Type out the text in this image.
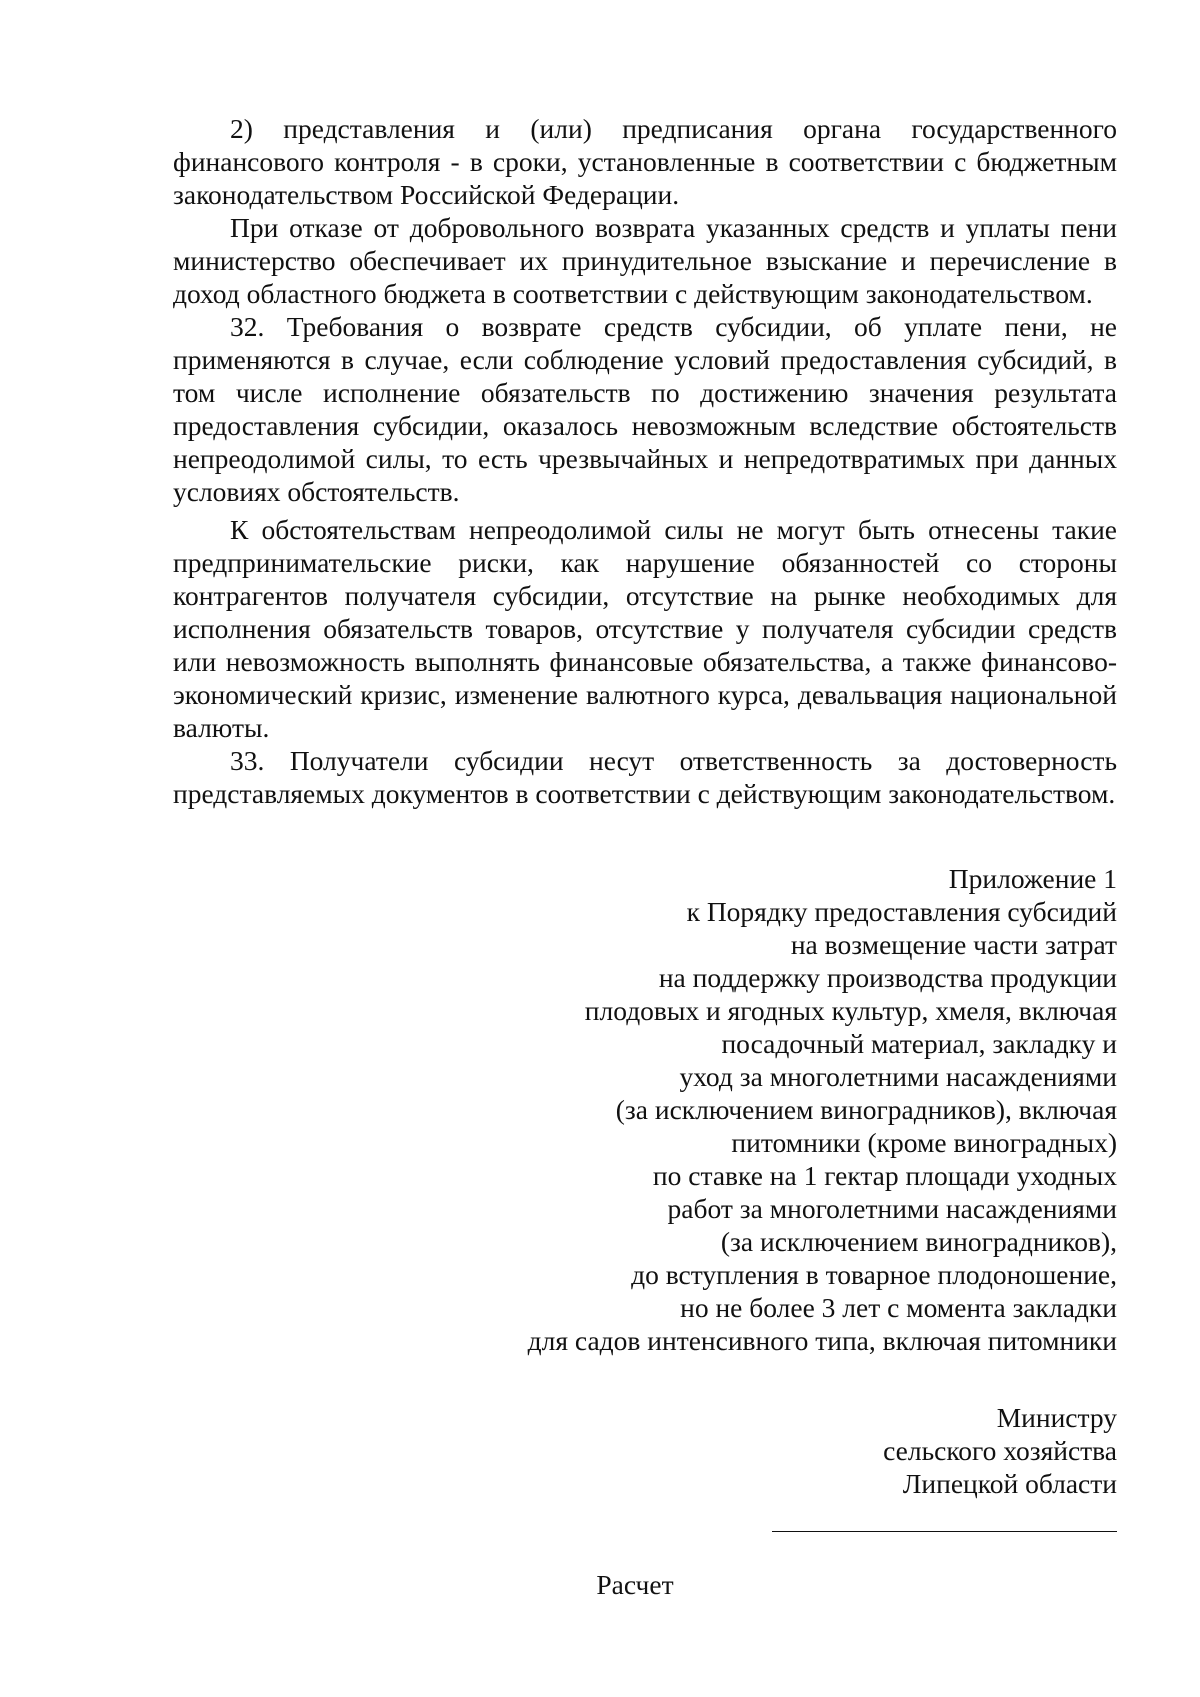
2) представления и (или) предписания органа государственного финансового контроля - в сроки, установленные в соответствии с бюджетным законодательством Российской Федерации.

При отказе от добровольного возврата указанных средств и уплаты пени министерство обеспечивает их принудительное взыскание и перечисление в доход областного бюджета в соответствии с действующим законодательством.

32. Требования о возврате средств субсидии, об уплате пени, не применяются в случае, если соблюдение условий предоставления субсидий, в том числе исполнение обязательств по достижению значения результата предоставления субсидии, оказалось невозможным вследствие обстоятельств непреодолимой силы, то есть чрезвычайных и непредотвратимых при данных условиях обстоятельств.

К обстоятельствам непреодолимой силы не могут быть отнесены такие предпринимательские риски, как нарушение обязанностей со стороны контрагентов получателя субсидии, отсутствие на рынке необходимых для исполнения обязательств товаров, отсутствие у получателя субсидии средств или невозможность выполнять финансовые обязательства, а также финансово-экономический кризис, изменение валютного курса, девальвация национальной валюты.

33. Получатели субсидии несут ответственность за достоверность представляемых документов в соответствии с действующим законодательством.

Приложение 1
к Порядку предоставления субсидий
на возмещение части затрат
на поддержку производства продукции
плодовых и ягодных культур, хмеля, включая
посадочный материал, закладку и
уход за многолетними насаждениями
(за исключением виноградников), включая
питомники (кроме виноградных)
по ставке на 1 гектар площади уходных
работ за многолетними насаждениями
(за исключением виноградников),
до вступления в товарное плодоношение,
но не более 3 лет с момента закладки
для садов интенсивного типа, включая питомники
Министру
сельского хозяйства
Липецкой области
Расчет
